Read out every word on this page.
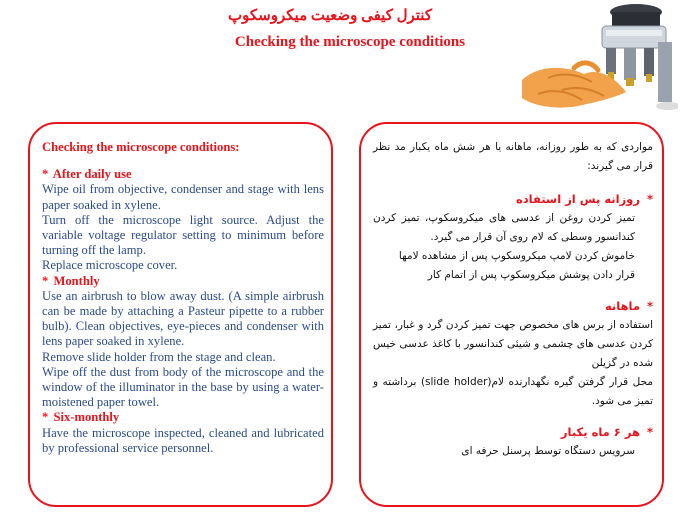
کنترل کیفی وضعیت میکروسکوپ
Checking the microscope conditions
Checking the microscope conditions:
* After daily use
Wipe oil from objective, condenser and stage with lens paper soaked in xylene.
Turn off the microscope light source. Adjust the variable voltage regulator setting to minimum before turning off the lamp.
Replace microscope cover.
* Monthly
Use an airbrush to blow away dust. (A simple airbrush can be made by attaching a Pasteur pipette to a rubber bulb). Clean objectives, eye-pieces and condenser with lens paper soaked in xylene.
Remove slide holder from the stage and clean.
Wipe off the dust from body of the microscope and the window of the illuminator in the base by using a water-moistened paper towel.
* Six-monthly
Have the microscope inspected, cleaned and lubricated by professional service personnel.
مواردی که به طور روزانه، ماهانه یا هر شش ماه یکبار مد نظر قرار می گیرند:
* روزانه پس از استفاده
تمیز کردن روغن از عدسی های میکروسکوپ، تمیز کردن کندانسور وسطی که لام روی آن قرار می گیرد.
خاموش کردن لامپ میکروسکوپ پس از مشاهده لامها
قرار دادن پوشش میکروسکوپ پس از اتمام کار
* ماهانه
استفاده از برس های مخصوص جهت تمیز کردن گرد و غبار، تمیز کردن عدسی های چشمی و شیئی کندانسور با کاغذ عدسی خیس شده در گزیلن
محل قرار گرفتن گیره نگهدارنده لام(slide holder) برداشته و تمیز می شود.
* هر ۶ ماه یکبار
سرویس دستگاه توسط پرسنل حرفه ای
